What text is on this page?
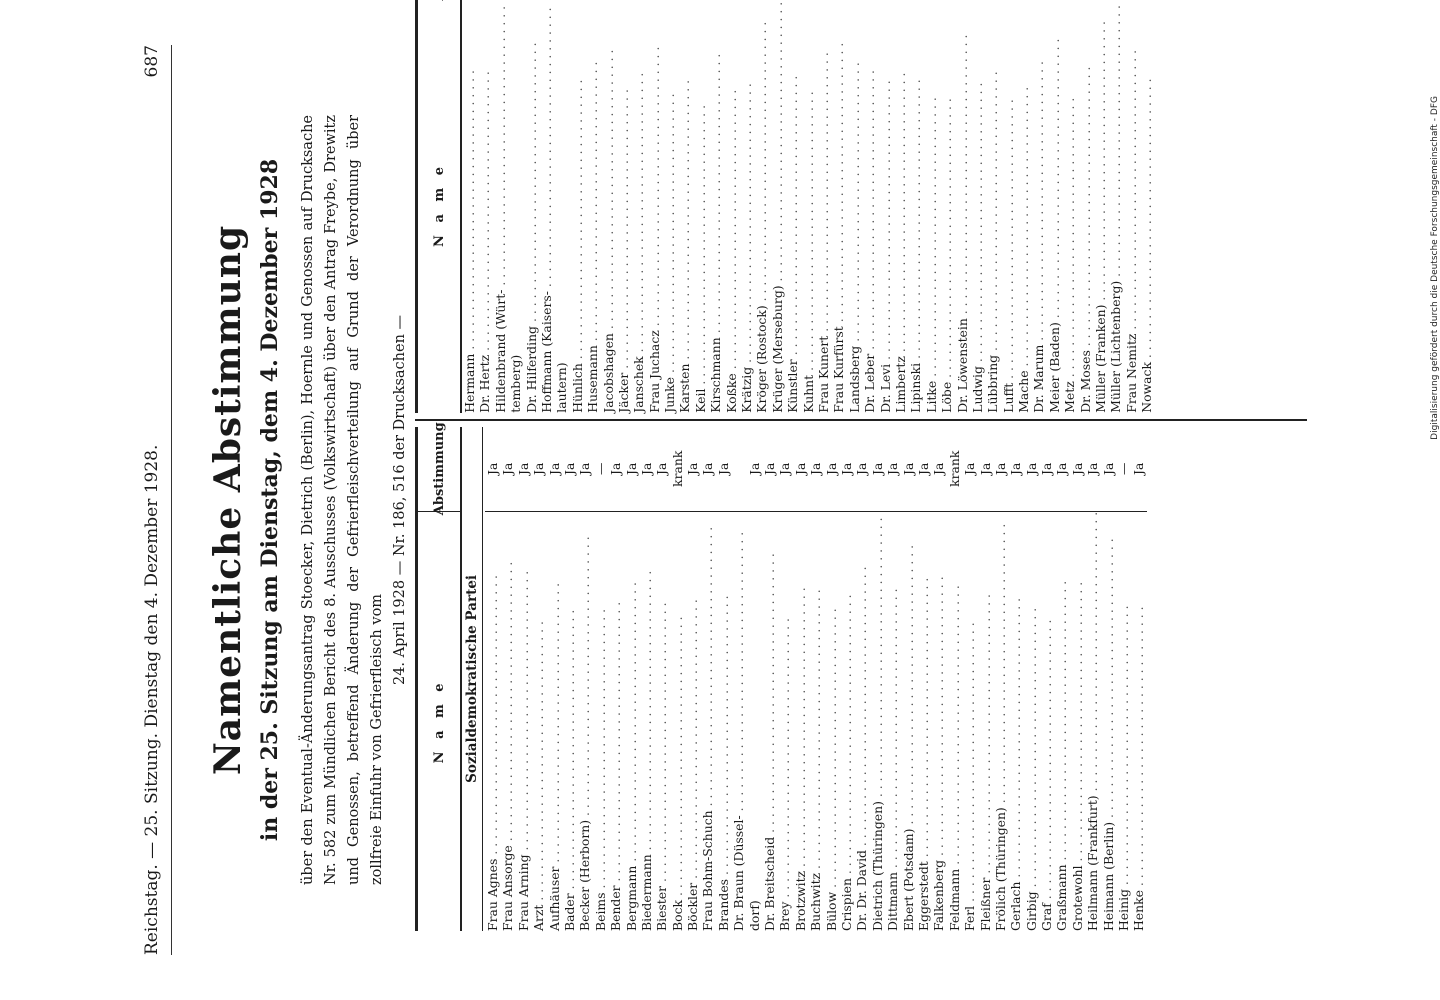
Reichstag. — 25. Sitzung. Dienstag den 4. Dezember 1928.
687
Namentliche Abstimmung in der 25. Sitzung am Dienstag, dem 4. Dezember 1928 über den Eventual-Änderungsantrag Stoecker, Dietrich (Berlin), Hoernle und Genossen auf Drucksache Nr. 582 zum Mündlichen Bericht des 8. Ausschusses (Volkswirtschaft) über den Antrag Freybe, Drewitz und Genossen, betreffend Änderung der Gefrierfleischverteilung auf Grund der Verordnung über zollfreie Einfuhr von Gefrierfleisch vom
24. April 1928 — Nr. 186, 516 der Drucksachen —
N a m e
Abstimmung
Sozialdemokratische Partei
Frau Agnes . . .
Ja
Frau Ansorge . . .
Ja
Frau Arning . . .
Ja
Arzt . . .
Ja
Aufhäuser . . .
Ja
Bader . . .
Ja
Becker (Herborn) . . .
Ja
Beims . . .
—
Bender . . .
Ja
Bergmann . . .
Ja
Biedermann . . .
Ja
Biester . . .
Ja
Bock . . .
krank
Böckler . . .
Ja
Frau Bohm-Schuch . . .
Ja
Brandes . . .
Ja
Dr. Braun (Düssel- . . . dorf)
Ja
Dr. Breitscheid . . .
Ja
Brey . . .
Ja
Brotzwitz . . .
Ja
Buchwitz . . .
Ja
Bülow . . .
Ja
Crispien . . .
Ja
Dr. Dr. David . . .
Ja
Dietrich (Thüringen) . . .
Ja
Dittmann . . .
Ja
Ebert (Potsdam) . . .
Ja
Eggerstedt . . .
Ja
Falkenberg . . .
Ja
Feldmann . . .
krank
Ferl . . .
Ja
Fleißner . . .
Ja
Frölich (Thüringen) . . .
Ja
Gerlach . . .
Ja
Girbig . . .
Ja
Graf . . .
Ja
Graßmann . . .
Ja
Grotewohl . . .
Ja
Heilmann (Frankfurt) . . .
Ja
Heimann (Berlin) . . .
Ja
Heinig . . .
—
Henke . . .
Ja
N a m e
Hermann . . . Dr. Hertz . . . Hildenbrand (Würt- . . . temberg) Dr. Hilferding . . . Hoffmann (Kaisers- . . . lautern) Hünlich . . . Husemann . . . Jacobshagen . . . Jäcker . . . Janschek . . . Frau Juchacz . . . Junke . . . Karsten . . . Keil . . . Kirschmann . . . Koßke . . . Krätzig . . . Kröger (Rostock) . . . Krüger (Merseburg) . . . Künstler . . . Kuhnt . . . Frau Kunert . . . Frau Kurfürst . . . Landsberg . . . Dr. Leber . . . Dr. Levi . . . Limbertz . . . Lipinski . . . Litke . . . Löbe . . . Dr. Löwenstein . . . Ludwig . . . Lübbring . . . Lufft . . . Mache . . . Dr. Marum . . . Meier (Baden) . . . Metz . . . Dr. Moses . . . Müller (Franken) . . . Müller (Lichtenberg) . . . Frau Nemitz . . . Nowack . . .	Digitalisierung gefördert durch die Deutsche Forschungsgemeinschaft - DFG
